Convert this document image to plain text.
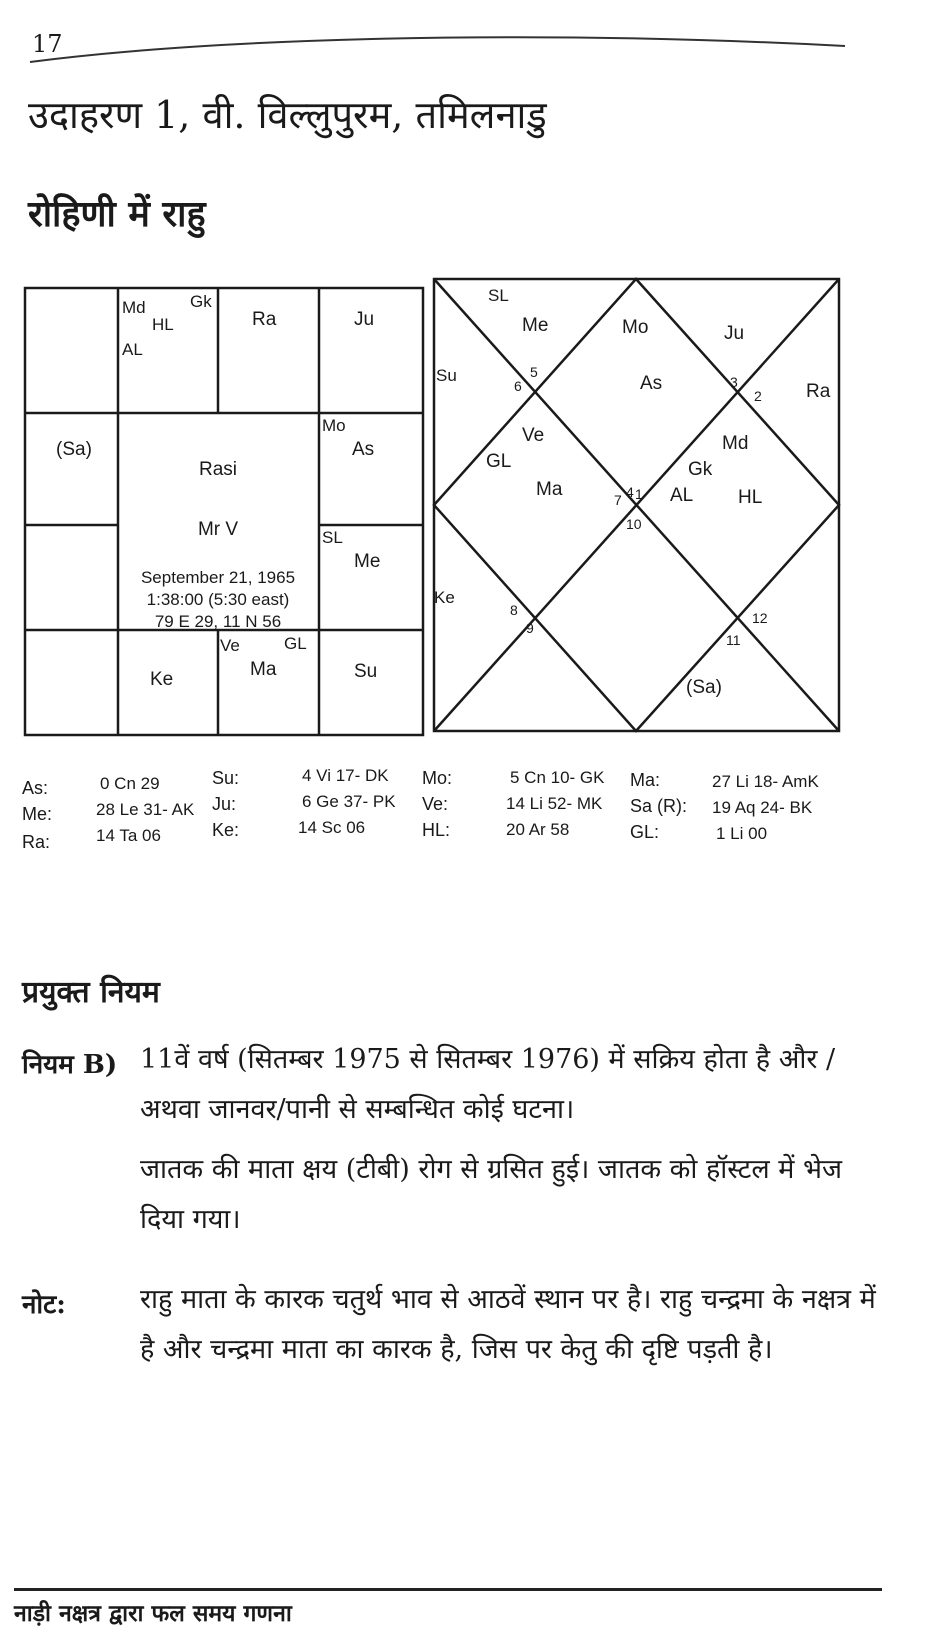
17
उदाहरण 1, वी. विल्लुपुरम, तमिलनाडु
रोहिणी में राहु
Md	Gk
HL
AL
Ra	Ju
(Sa)
Mo
As
SL
Me
Ke
Ve	GL
Ma	Su
Rasi
Mr V
September 21, 1965
1:38:00 (5:30 east)
79 E 29, 11 N 56
SL
Me	Mo	Ju
Su	As	Ra
Ve	Md
GL	Gk
Ma	AL HL
Ke
(Sa)
1
2
3
4
5
6
7
8
9
10
11
12
As:	0 Cn 29
Me:	28 Le 31- AK
Ra:	14 Ta 06
Su:	4 Vi 17- DK
Ju:	6 Ge 37- PK
Ke:	14 Sc 06
Mo:	5 Cn 10- GK
Ve:	14 Li 52- MK
HL:	20 Ar 58
Ma:	27 Li 18- AmK
Sa (R): 19 Aq 24- BK
GL:	1 Li 00
प्रयुक्त नियम
नियम B) 11वें वर्ष (सितम्बर 1975 से सितम्बर 1976) में सक्रिय होता है और /अथवा जानवर/पानी से सम्बन्धित कोई घटना।
जातक की माता क्षय (टीबी) रोग से ग्रसित हुई। जातक को हॉस्टल में भेज दिया गया।
नोट:	राहु माता के कारक चतुर्थ भाव से आठवें स्थान पर है। राहु चन्द्रमा के नक्षत्र में है और चन्द्रमा माता का कारक है, जिस पर केतु की दृष्टि पड़ती है।
नाड़ी नक्षत्र द्वारा फल समय गणना
